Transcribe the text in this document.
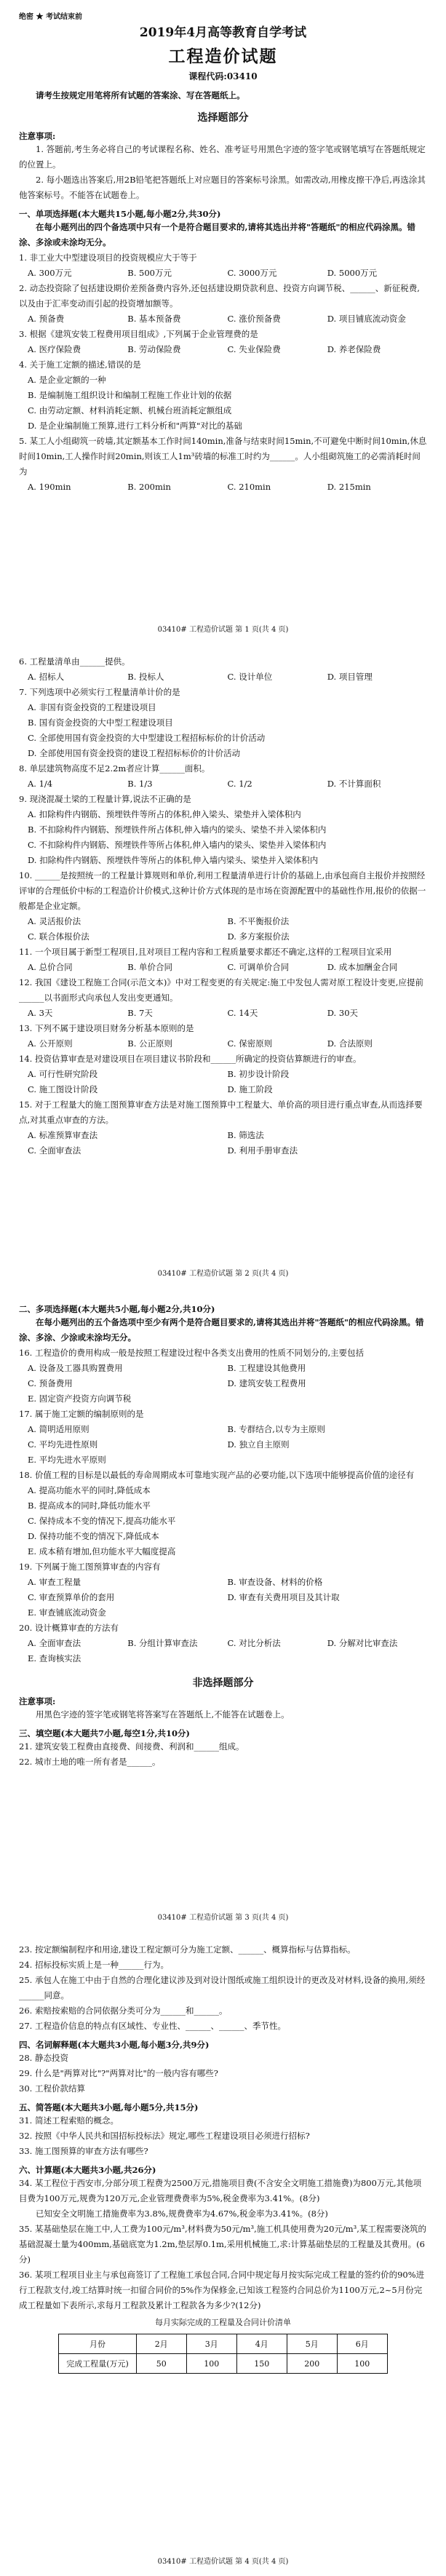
绝密 ★ 考试结束前
2019年4月高等教育自学考试
工程造价试题
课程代码:03410
请考生按规定用笔将所有试题的答案涂、写在答题纸上。
选择题部分
注意事项:
1. 答题前,考生务必将自己的考试课程名称、姓名、准考证号用黑色字迹的签字笔或钢笔填写在答题纸规定的位置上。
2. 每小题选出答案后,用2B铅笔把答题纸上对应题目的答案标号涂黑。如需改动,用橡皮擦干净后,再选涂其他答案标号。不能答在试题卷上。
一、单项选择题(本大题共15小题,每小题2分,共30分)
在每小题列出的四个备选项中只有一个是符合题目要求的,请将其选出并将"答题纸"的相应代码涂黑。错涂、多涂或未涂均无分。
1. 非工业大中型建设项目的投资规模应大于等于
A. 300万元	B. 500万元	C. 3000万元	D. 5000万元
2. 动态投资除了包括建设期价差预备费内容外,还包括建设期贷款利息、投资方向调节税、______、新征税费,以及由于汇率变动而引起的投资增加额等。
A. 预备费	B. 基本预备费	C. 涨价预备费	D. 项目铺底流动资金
3. 根据《建筑安装工程费用项目组成》,下列属于企业管理费的是
A. 医疗保险费	B. 劳动保险费	C. 失业保险费	D. 养老保险费
4. 关于施工定额的描述,错误的是
A. 是企业定额的一种
B. 是编制施工组织设计和编制工程施工作业计划的依据
C. 由劳动定额、材料消耗定额、机械台班消耗定额组成
D. 是企业编制施工预算,进行工料分析和"两算"对比的基础
5. 某工人小组砌筑一砖墙,其定额基本工作时间140min,准备与结束时间15min,不可避免中断时间10min,休息时间10min,工人操作时间20min,则该工人1m³砖墙的标准工时约为______。人小组砌筑施工的必需消耗时间为
A. 190min	B. 200min	C. 210min	D. 215min
03410# 工程造价试题 第 1 页(共 4 页)
6. 工程量清单由______提供。
A. 招标人	B. 投标人	C. 设计单位	D. 项目管理
7. 下列选项中必须实行工程量清单计价的是
A. 非国有资金投资的工程建设项目
B. 国有资金投资的大中型工程建设项目
C. 全部使用国有资金投资的大中型建设工程招标标价的计价活动
D. 全部使用国有资金投资的建设工程招标标价的计价活动
8. 单层建筑物高度不足2.2m者应计算______面积。
A. 1/4	B. 1/3	C. 1/2	D. 不计算面积
9. 现浇混凝土梁的工程量计算,说法不正确的是
A. 扣除构件内钢筋、预埋铁件等所占的体积,伸入梁头、梁垫并入梁体积内
B. 不扣除构件内钢筋、预埋铁件所占体积,伸入墙内的梁头、梁垫不并入梁体积内
C. 不扣除构件内钢筋、预埋铁件等所占体积,伸入墙内的梁头、梁垫并入梁体积内
D. 扣除构件内钢筋、预埋铁件等所占的体积,伸入墙内梁头、梁垫并入梁体积内
10. ______是按照统一的工程量计算规则和单价,利用工程量清单进行计价的基础上,由承包商自主报价并按照经评审的合理低价中标的工程造价计价模式,这种计价方式体现的是市场在资源配置中的基础性作用,报价的依据一般都是企业定额。
A. 灵活报价法	B. 不平衡报价法
C. 联合体报价法	D. 多方案报价法
11. 一个项目属于新型工程项目,且对项目工程内容和工程质量要求都还不确定,这样的工程项目宜采用
A. 总价合同	B. 单价合同	C. 可调单价合同	D. 成本加酬金合同
12. 我国《建设工程施工合同(示范文本)》中对工程变更的有关规定:施工中发包人需对原工程设计变更,应提前______以书面形式向承包人发出变更通知。
A. 3天	B. 7天	C. 14天	D. 30天
13. 下列不属于建设项目财务分析基本原则的是
A. 公开原则	B. 公正原则	C. 保密原则	D. 合法原则
14. 投资估算审查是对建设项目在项目建议书阶段和______所确定的投资估算额进行的审查。
A. 可行性研究阶段	B. 初步设计阶段
C. 施工图设计阶段	D. 施工阶段
15. 对于工程量大的施工图预算审查方法是对施工图预算中工程量大、单价高的项目进行重点审查,从而选择要点,对其重点审查的方法。
A. 标准预算审查法	B. 筛选法
C. 全面审查法	D. 利用手册审查法
03410# 工程造价试题 第 2 页(共 4 页)
二、多项选择题(本大题共5小题,每小题2分,共10分)
在每小题列出的五个备选项中至少有两个是符合题目要求的,请将其选出并将"答题纸"的相应代码涂黑。错涂、多涂、少涂或未涂均无分。
16. 工程造价的费用构成一般是按照工程建设过程中各类支出费用的性质不同划分的,主要包括
A. 设备及工器具购置费用	B. 工程建设其他费用
C. 预备费用	D. 建筑安装工程费用
E. 固定资产投资方向调节税
17. 属于施工定额的编制原则的是
A. 简明适用原则	B. 专群结合,以专为主原则
C. 平均先进性原则	D. 独立自主原则
E. 平均先进水平原则
18. 价值工程的目标是以最低的寿命周期成本可靠地实现产品的必要功能,以下选项中能够提高价值的途径有
A. 提高功能水平的同时,降低成本
B. 提高成本的同时,降低功能水平
C. 保持成本不变的情况下,提高功能水平
D. 保持功能不变的情况下,降低成本
E. 成本稍有增加,但功能水平大幅度提高
19. 下列属于施工图预算审查的内容有
A. 审查工程量	B. 审查设备、材料的价格
C. 审查预算单价的套用	D. 审查有关费用项目及其计取
E. 审查铺底流动资金
20. 设计概算审查的方法有
A. 全面审查法	B. 分组计算审查法	C. 对比分析法	D. 分解对比审查法
E. 查询核实法
非选择题部分
注意事项:
用黑色字迹的签字笔或钢笔将答案写在答题纸上,不能答在试题卷上。
三、填空题(本大题共7小题,每空1分,共10分)
21. 建筑安装工程费由直接费、间接费、利润和______组成。
22. 城市土地的唯一所有者是______。
03410# 工程造价试题 第 3 页(共 4 页)
23. 按定额编制程序和用途,建设工程定额可分为施工定额、______、概算指标与估算指标。
24. 招标投标实质上是一种______行为。
25. 承包人在施工中由于自然的合理化建议涉及到对设计图纸或施工组织设计的更改及对材料,设备的换用,须经______同意。
26. 索赔按索赔的合同依据分类可分为______和______。
27. 工程造价信息的特点有区域性、专业性、______、______、季节性。
四、名词解释题(本大题共3小题,每小题3分,共9分)
28. 静态投资
29. 什么是"两算对比"?"两算对比"的一般内容有哪些?
30. 工程价款结算
五、简答题(本大题共3小题,每小题5分,共15分)
31. 简述工程索赔的概念。
32. 按照《中华人民共和国招标投标法》规定,哪些工程建设项目必须进行招标?
33. 施工图预算的审查方法有哪些?
六、计算题(本大题共3小题,共26分)
34. 某工程位于西安市,分部分项工程费为2500万元,措施项目费(不含安全文明施工措施费)为800万元,其他项目费为100万元,规费为120万元,企业管理费费率为5%,税金费率为3.41%。(8分)
已知安全文明施工措施费率为3.8%,规费费率为4.67%,税金率为3.41%。(8分)
35. 某基础垫层在施工中,人工费为100元/m³,材料费为50元/m³,施工机具使用费为20元/m³,某工程需要浇筑的基础混凝土量为400mm,基础底宽为1.2m,垫层厚0.1m,采用机械施工,求:计算基础垫层的工程量及其费用。(6分)
36. 某项工程项目业主与承包商签订了工程施工承包合同,合同中规定每月按实际完成工程量的签约价的90%进行工程款支付,竣工结算时统一扣留合同价的5%作为保修金,已知该工程签约合同总价为1100万元,2~5月份完成工程量如下表所示,求每月工程款及累计工程款各为多少?(12分)
每月实际完成的工程量及合同计价清单
月份	2月	3月	4月	5月	6月
完成工程量(万元)	50	100	150	200	100
03410# 工程造价试题 第 4 页(共 4 页)
